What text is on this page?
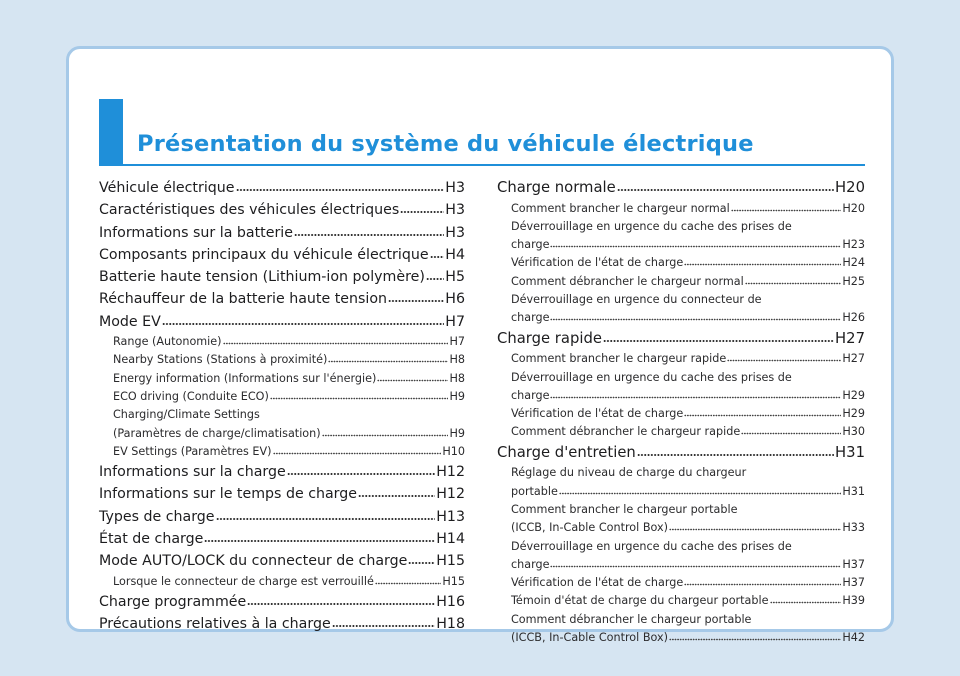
Présentation du système du véhicule électrique
Véhicule électrique	H3
Caractéristiques des véhicules électriques	H3
Informations sur la batterie	H3
Composants principaux du véhicule électrique H4
Batterie haute tension (Lithium-ion polymère) H5
Réchauffeur de la batterie haute tension	H6
Mode EV	H7
Range (Autonomie)	H7
Nearby Stations (Stations à proximité)	H8
Energy information (Informations sur l'énergie)	H8
ECO driving (Conduite ECO)	H9
Charging/Climate Settings
(Paramètres de charge/climatisation)	H9
EV Settings (Paramètres EV)	H10
Informations sur la charge	H12
Informations sur le temps de charge	H12
Types de charge	H13
État de charge	H14
Mode AUTO/LOCK du connecteur de charge H15
Lorsque le connecteur de charge est verrouillé	H15
Charge programmée	H16
Précautions relatives à la charge	H18
Charge normale	H20
Comment brancher le chargeur normal	H20
Déverrouillage en urgence du cache des prises de
charge	H23
Vérification de l'état de charge	H24
Comment débrancher le chargeur normal	H25
Déverrouillage en urgence du connecteur de
charge	H26
Charge rapide	H27
Comment brancher le chargeur rapide	H27
Déverrouillage en urgence du cache des prises de
charge	H29
Vérification de l'état de charge	H29
Comment débrancher le chargeur rapide	H30
Charge d'entretien	H31
Réglage du niveau de charge du chargeur
portable	H31
Comment brancher le chargeur portable
(ICCB, In-Cable Control Box)	H33
Déverrouillage en urgence du cache des prises de
charge	H37
Vérification de l'état de charge	H37
Témoin d'état de charge du chargeur portable	H39
Comment débrancher le chargeur portable
(ICCB, In-Cable Control Box)	H42
